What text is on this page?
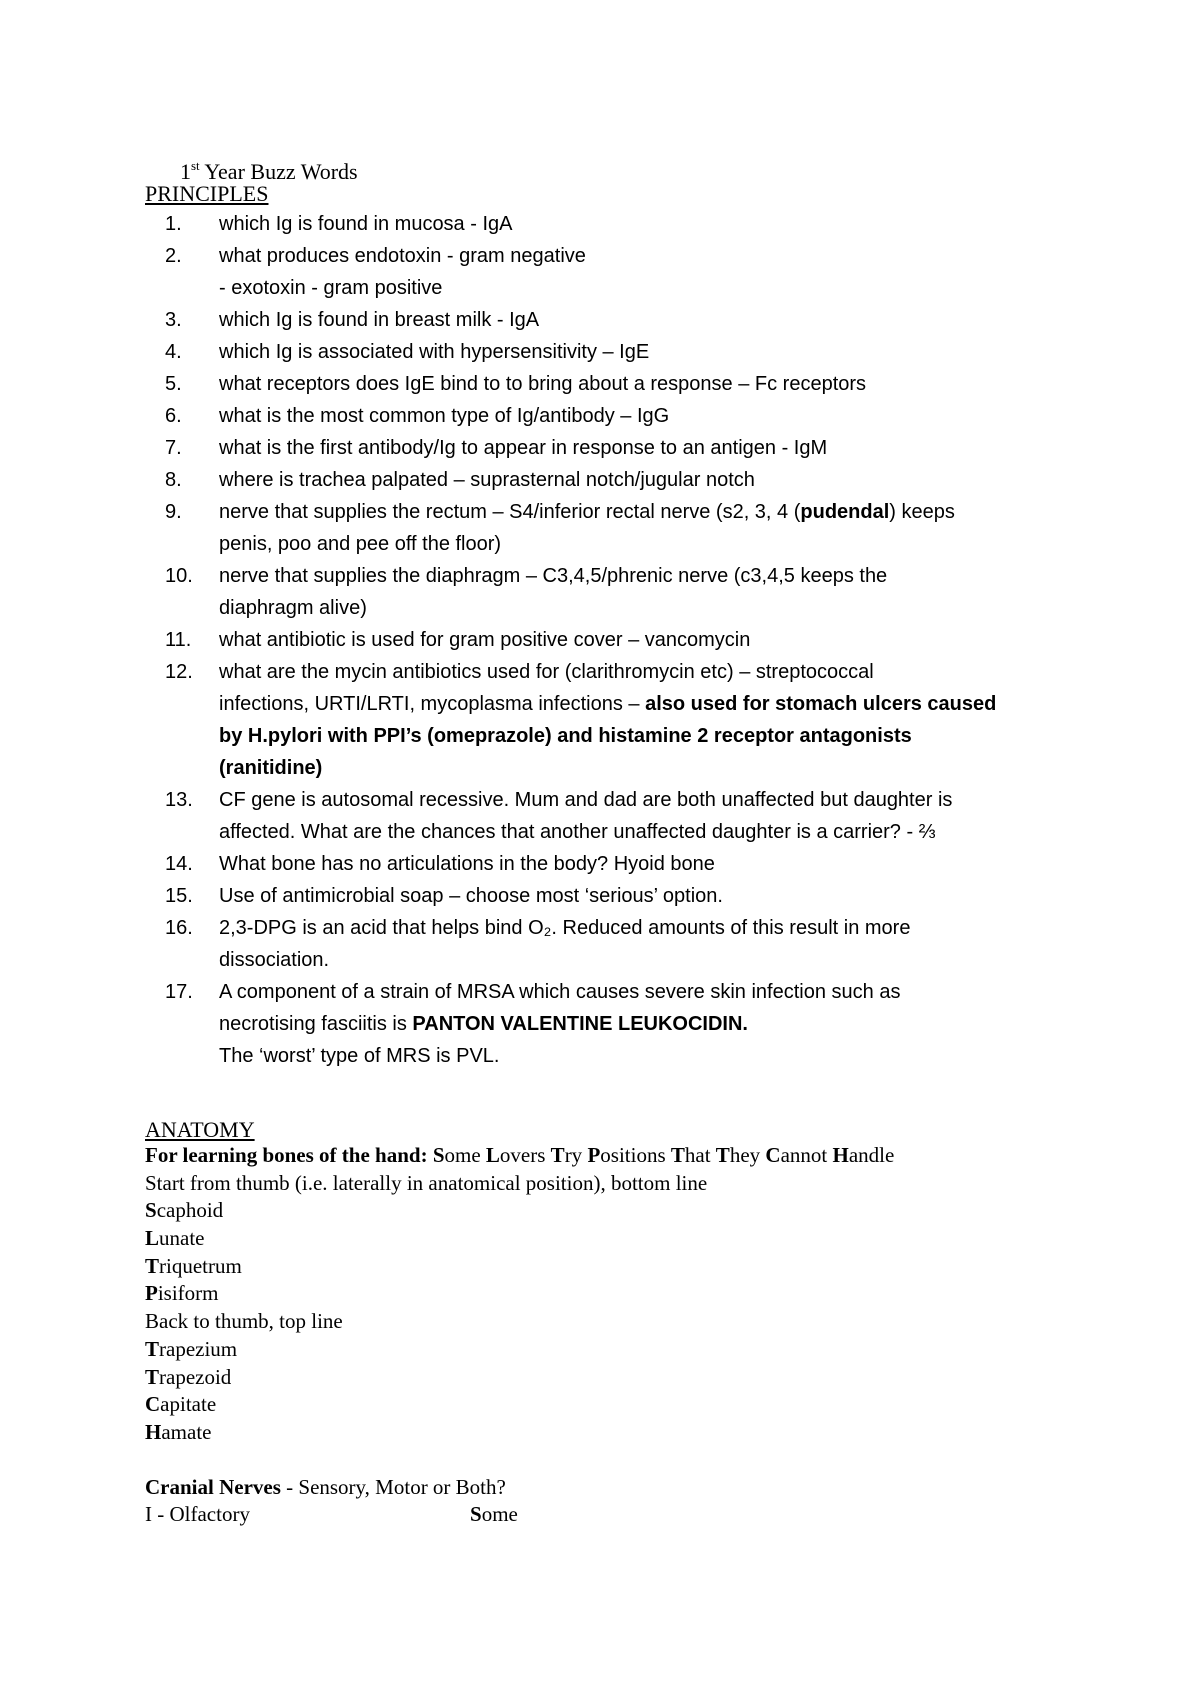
1st Year Buzz Words
PRINCIPLES
1.	which Ig is found in mucosa - IgA
2.	what produces endotoxin - gram negative
- exotoxin - gram positive
3.	which Ig is found in breast milk - IgA
4.	which Ig is associated with hypersensitivity – IgE
5.	what receptors does IgE bind to to bring about a response – Fc receptors
6.	what is the most common type of Ig/antibody – IgG
7.	what is the first antibody/Ig to appear in response to an antigen - IgM
8.	where is trachea palpated – suprasternal notch/jugular notch
9.	nerve that supplies the rectum – S4/inferior rectal nerve (s2, 3, 4 (pudendal) keeps
penis, poo and pee off the floor)
10.	nerve that supplies the diaphragm – C3,4,5/phrenic nerve (c3,4,5 keeps the
diaphragm alive)
11.	what antibiotic is used for gram positive cover – vancomycin
12.	what are the mycin antibiotics used for (clarithromycin etc) – streptococcal
infections, URTI/LRTI, mycoplasma infections – also used for stomach ulcers caused
by H.pylori with PPI’s (omeprazole) and histamine 2 receptor antagonists
(ranitidine)
13.	CF gene is autosomal recessive. Mum and dad are both unaffected but daughter is
affected. What are the chances that another unaffected daughter is a carrier? - ⅔
14.	What bone has no articulations in the body? Hyoid bone
15.	Use of antimicrobial soap – choose most ‘serious’ option.
16.	2,3-DPG is an acid that helps bind O₂. Reduced amounts of this result in more
dissociation.
17.	A component of a strain of MRSA which causes severe skin infection such as
necrotising fasciitis is PANTON VALENTINE LEUKOCIDIN.
The ‘worst’ type of MRS is PVL.
ANATOMY
For learning bones of the hand: Some Lovers Try Positions That They Cannot Handle
Start from thumb (i.e. laterally in anatomical position), bottom line
Scaphoid
Lunate
Triquetrum
Pisiform
Back to thumb, top line
Trapezium
Trapezoid
Capitate
Hamate
Cranial Nerves - Sensory, Motor or Both?
I - Olfactory	Some
